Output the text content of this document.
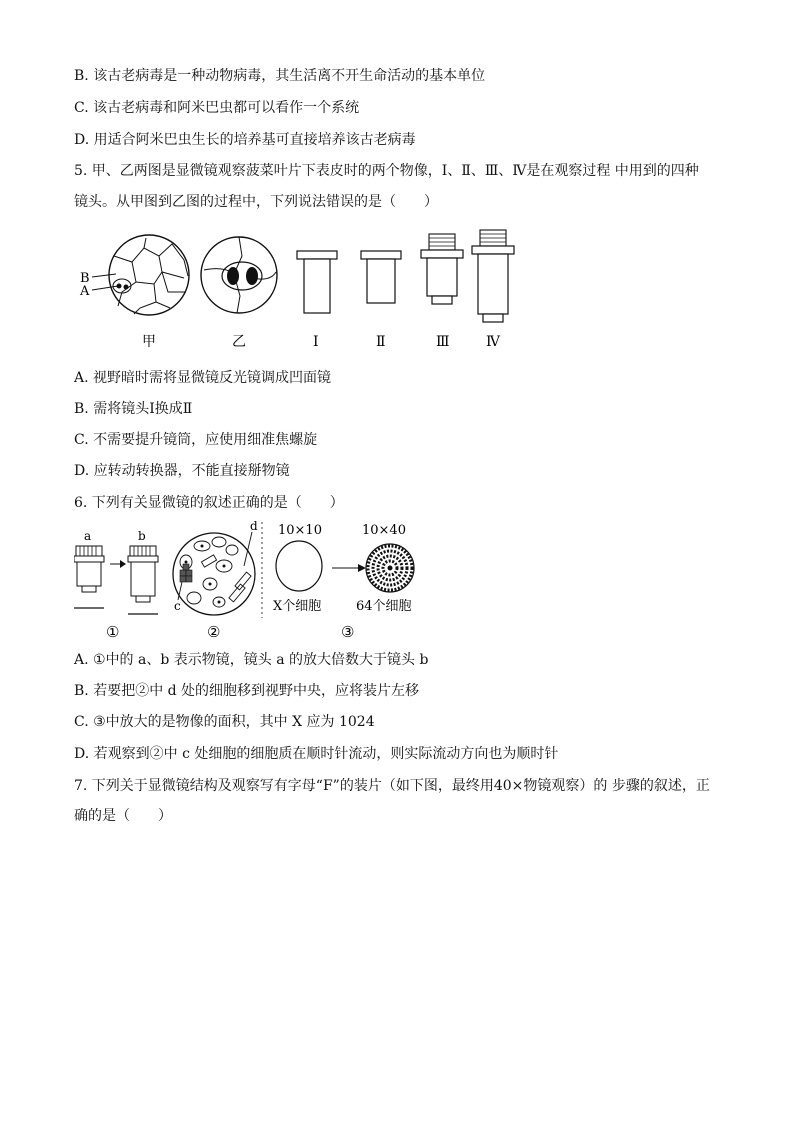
B. 该古老病毒是一种动物病毒，其生活离不开生命活动的基本单位
C. 该古老病毒和阿米巴虫都可以看作一个系统
D. 用适合阿米巴虫生长的培养基可直接培养该古老病毒
5. 甲、乙两图是显微镜观察菠菜叶片下表皮时的两个物像，Ⅰ、Ⅱ、Ⅲ、Ⅳ是在观察过程 中用到的四种
镜头。从甲图到乙图的过程中，下列说法错误的是（　　）
B
A
甲	乙	Ⅰ	Ⅱ	Ⅲ	Ⅳ
A. 视野暗时需将显微镜反光镜调成凹面镜
B. 需将镜头Ⅰ换成Ⅱ
C. 不需要提升镜筒，应使用细准焦螺旋
D. 应转动转换器，不能直接掰物镜
6. 下列有关显微镜的叙述正确的是（　　）
a	b
①
c
d
②
10×10
X个细胞
10×40
64个细胞
③
A. ①中的 a、b 表示物镜，镜头 a 的放大倍数大于镜头 b
B. 若要把②中 d 处的细胞移到视野中央，应将装片左移
C. ③中放大的是物像的面积，其中 X 应为 1024
D. 若观察到②中 c 处细胞的细胞质在顺时针流动，则实际流动方向也为顺时针
7. 下列关于显微镜结构及观察写有字母“F”的装片（如下图，最终用40×物镜观察）的 步骤的叙述，正
确的是（　　）
